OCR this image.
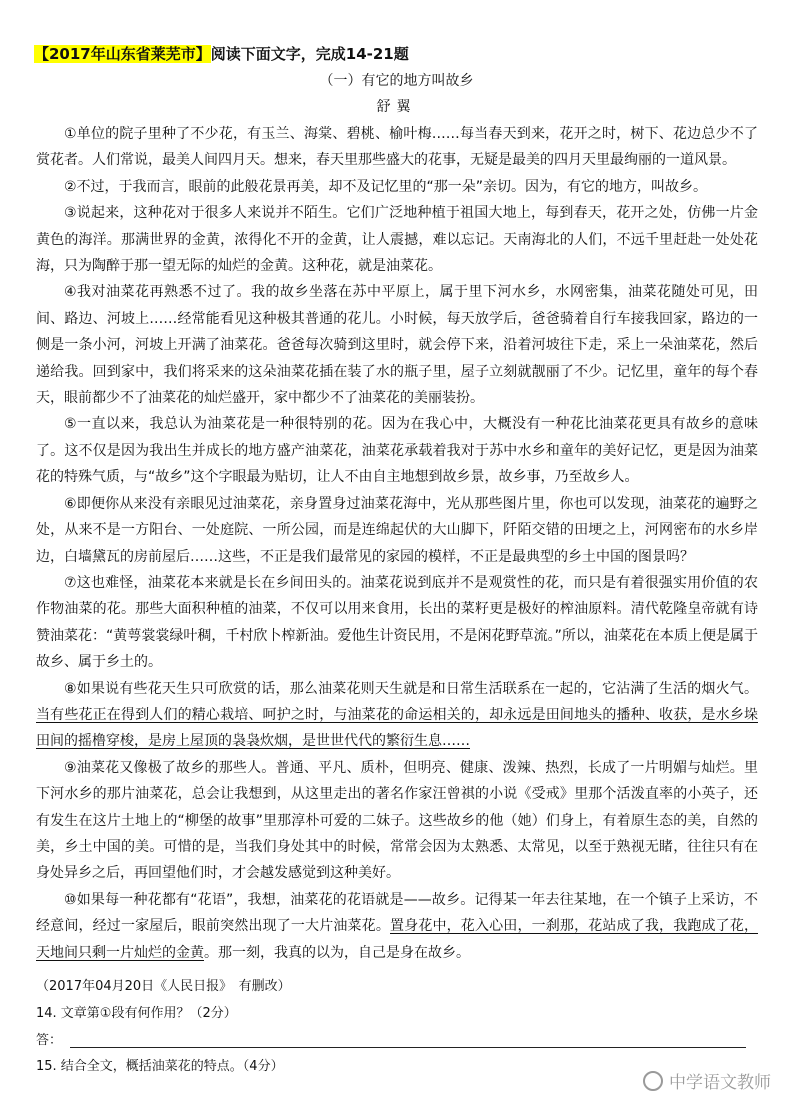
【2017年山东省莱芜市】阅读下面文字，完成14-21题
（一）有它的地方叫故乡
舒翼

①单位的院子里种了不少花，有玉兰、海棠、碧桃、榆叶梅……每当春天到来，花开之时，树下、花边总少不了赏花者。人们常说，最美人间四月天。想来，春天里那些盛大的花事，无疑是最美的四月天里最绚丽的一道风景。

②不过，于我而言，眼前的此般花景再美，却不及记忆里的“那一朵”亲切。因为，有它的地方，叫故乡。

③说起来，这种花对于很多人来说并不陌生。它们广泛地种植于祖国大地上，每到春天，花开之处，仿佛一片金黄色的海洋。那满世界的金黄，浓得化不开的金黄，让人震撼，难以忘记。天南海北的人们，不远千里赶赴一处处花海，只为陶醉于那一望无际的灿烂的金黄。这种花，就是油菜花。

④我对油菜花再熟悉不过了。我的故乡坐落在苏中平原上，属于里下河水乡，水网密集，油菜花随处可见，田间、路边、河坡上……经常能看见这种极其普通的花儿。小时候，每天放学后，爸爸骑着自行车接我回家，路边的一侧是一条小河，河坡上开满了油菜花。爸爸每次骑到这里时，就会停下来，沿着河坡往下走，采上一朵油菜花，然后递给我。回到家中，我们将采来的这朵油菜花插在装了水的瓶子里，屋子立刻就靓丽了不少。记忆里，童年的每个春天，眼前都少不了油菜花的灿烂盛开，家中都少不了油菜花的美丽装扮。

⑤一直以来，我总认为油菜花是一种很特别的花。因为在我心中，大概没有一种花比油菜花更具有故乡的意味了。这不仅是因为我出生并成长的地方盛产油菜花，油菜花承载着我对于苏中水乡和童年的美好记忆，更是因为油菜花的特殊气质，与“故乡”这个字眼最为贴切，让人不由自主地想到故乡景，故乡事，乃至故乡人。

⑥即便你从来没有亲眼见过油菜花，亲身置身过油菜花海中，光从那些图片里，你也可以发现，油菜花的遍野之处，从来不是一方阳台、一处庭院、一所公园，而是连绵起伏的大山脚下，阡陌交错的田埂之上，河网密布的水乡岸边，白墙黛瓦的房前屋后……这些，不正是我们最常见的家园的模样，不正是最典型的乡土中国的图景吗？

⑦这也难怪，油菜花本来就是长在乡间田头的。油菜花说到底并不是观赏性的花，而只是有着很强实用价值的农作物油菜的花。那些大面积种植的油菜，不仅可以用来食用，长出的菜籽更是极好的榨油原料。清代乾隆皇帝就有诗赞油菜花：“黄萼裳裳绿叶稠，千村欣卜榨新油。爱他生计资民用，不是闲花野草流。”所以，油菜花在本质上便是属于故乡、属于乡土的。

⑧如果说有些花天生只可欣赏的话，那么油菜花则天生就是和日常生活联系在一起的，它沾满了生活的烟火气。当有些花正在得到人们的精心栽培、呵护之时，与油菜花的命运相关的，却永远是田间地头的播种、收获，是水乡垛田间的摇橹穿梭，是房上屋顶的袅袅炊烟，是世世代代的繁衍生息……

⑨油菜花又像极了故乡的那些人。普通、平凡、质朴，但明亮、健康、泼辣、热烈，长成了一片明媚与灿烂。里下河水乡的那片油菜花，总会让我想到，从这里走出的著名作家汪曾祺的小说《受戒》里那个活泼直率的小英子，还有发生在这片土地上的“柳堡的故事”里那淳朴可爱的二妹子。这些故乡的他（她）们身上，有着原生态的美，自然的美，乡土中国的美。可惜的是，当我们身处其中的时候，常常会因为太熟悉、太常见，以至于熟视无睹，往往只有在身处异乡之后，再回望他们时，才会越发感觉到这种美好。

⑩如果每一种花都有“花语”，我想，油菜花的花语就是——故乡。记得某一年去往某地，在一个镇子上采访，不经意间，经过一家屋后，眼前突然出现了一大片油菜花。置身花中，花入心田，一刹那，花站成了我，我跑成了花，天地间只剩一片灿烂的金黄。那一刻，我真的以为，自己是身在故乡。

（2017年04月20日《人民日报》　有删改）
14. 文章第①段有何作用？（2分）
答：
15. 结合全文，概括油菜花的特点。（4分）
中学语文教师
